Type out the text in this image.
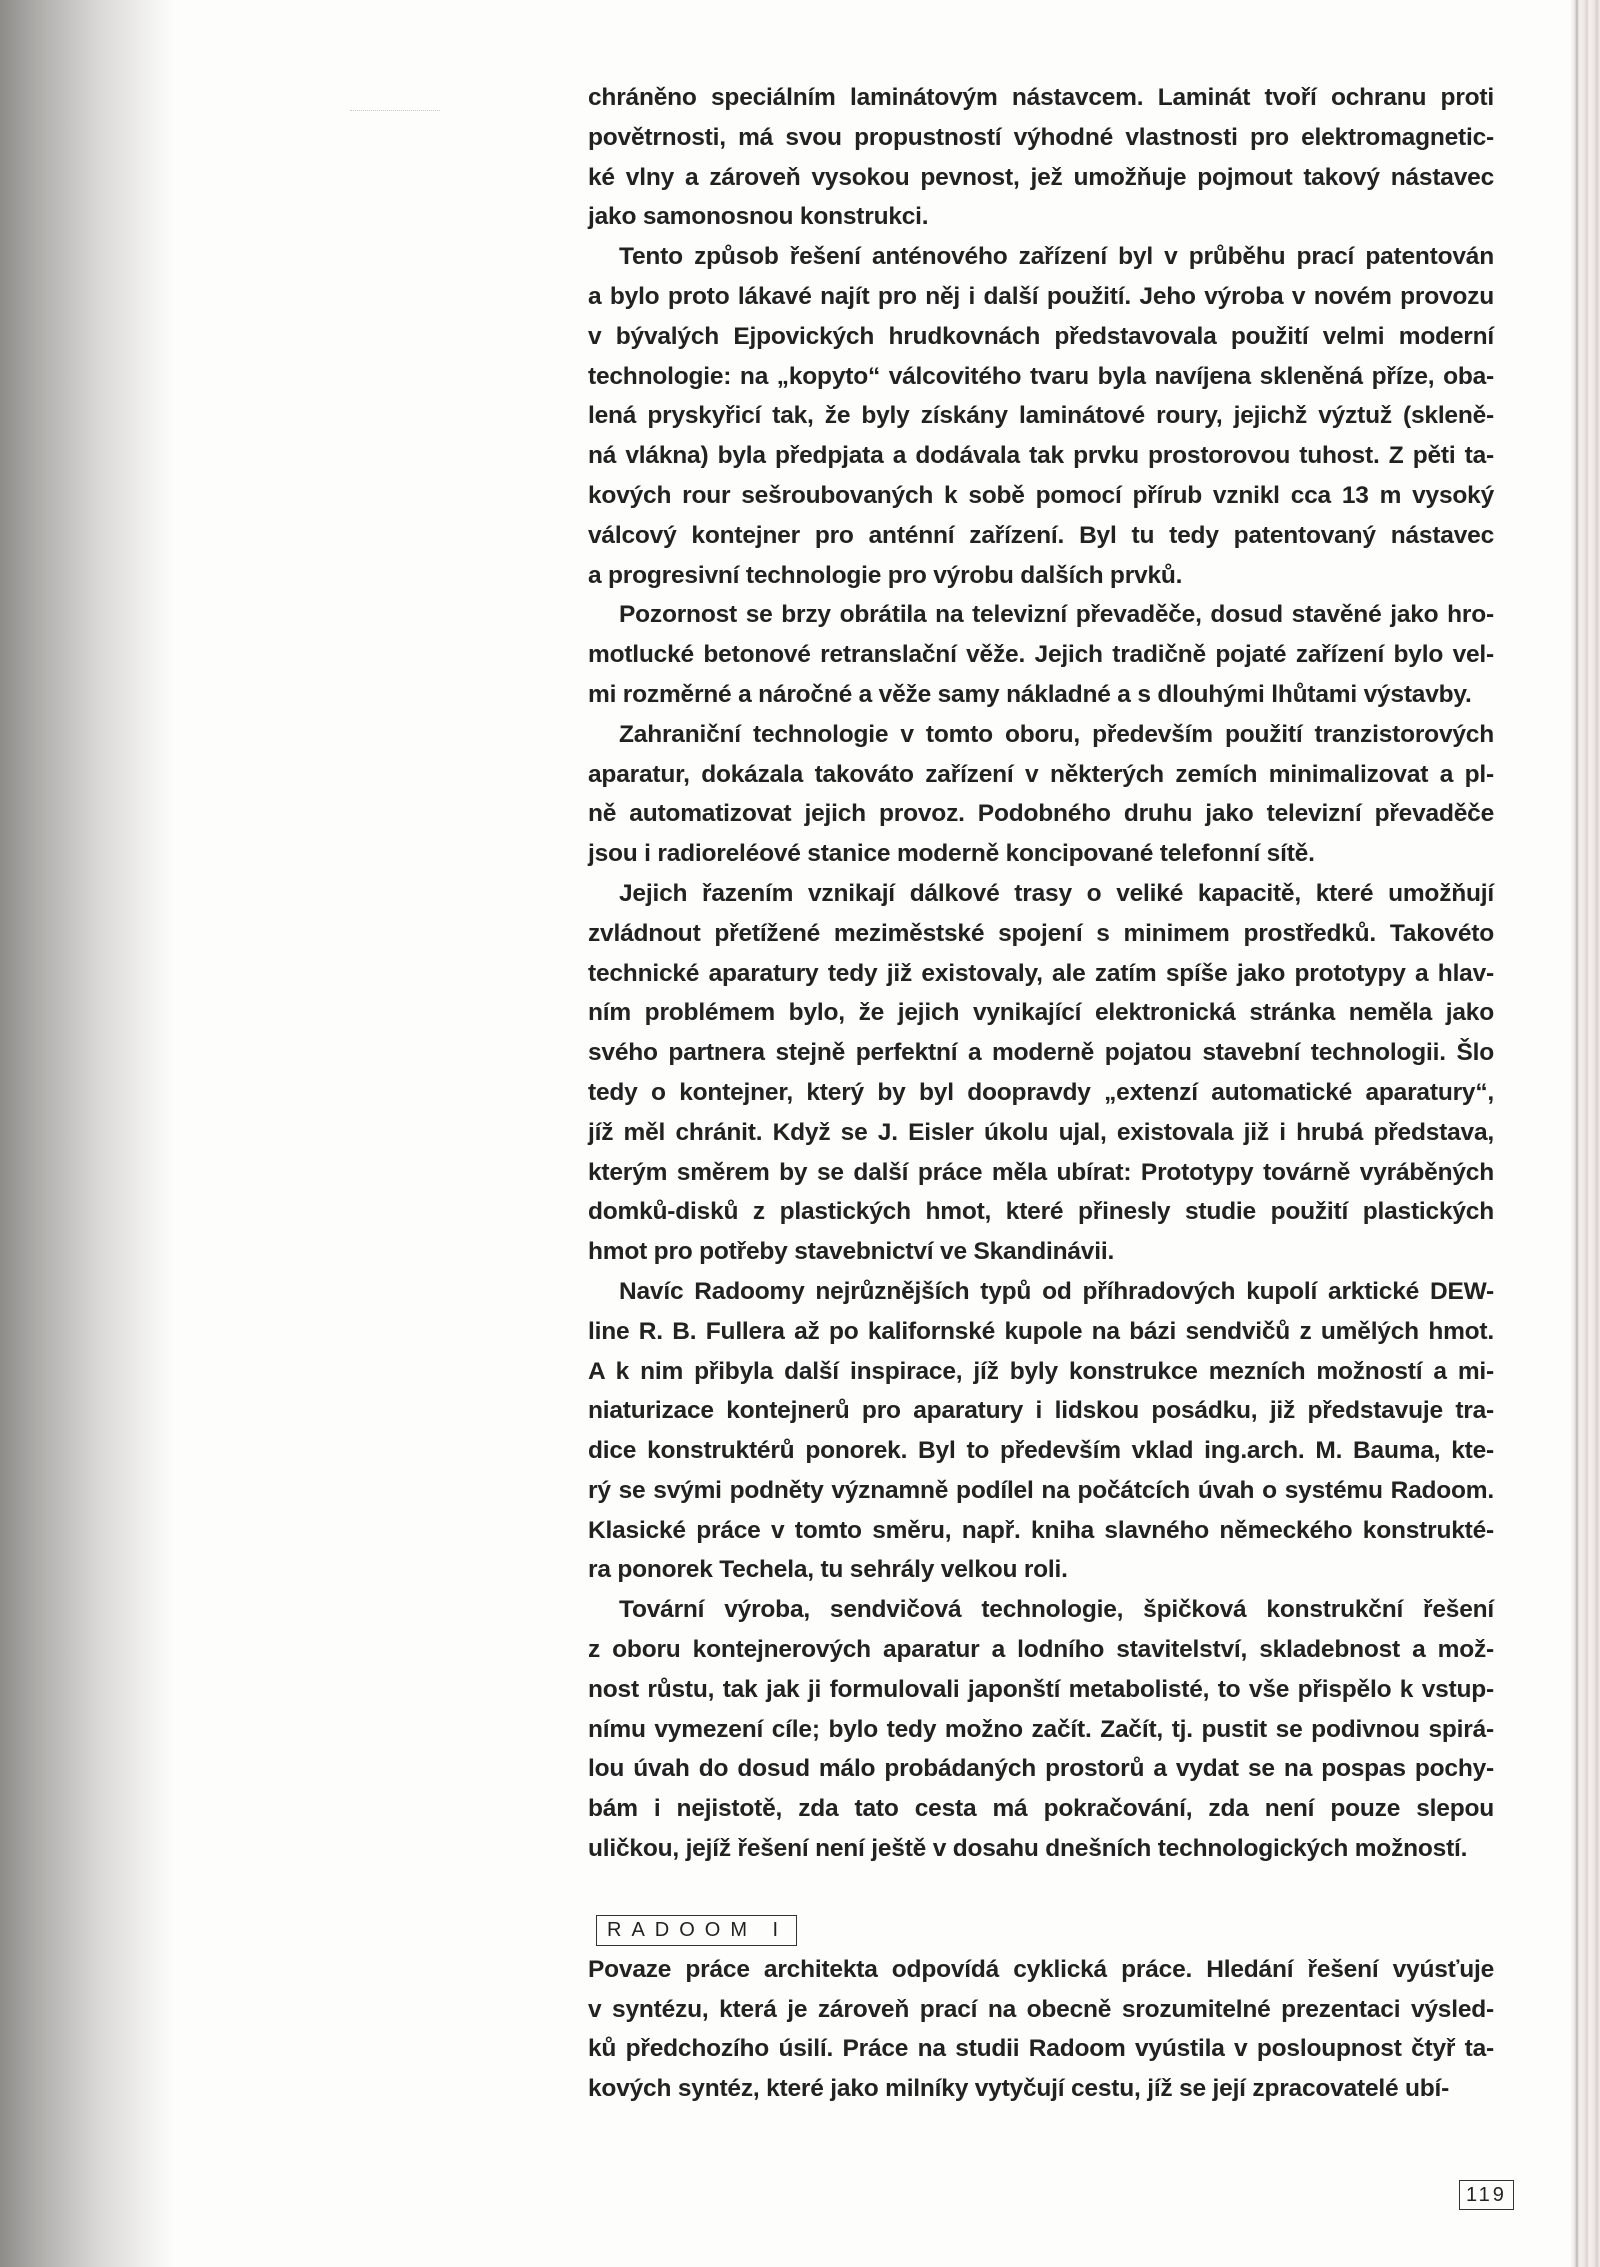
chráněno speciálním laminátovým nástavcem. Laminát tvoří ochranu proti
povětrnosti, má svou propustností výhodné vlastnosti pro elektromagnetic-
ké vlny a zároveň vysokou pevnost, jež umožňuje pojmout takový nástavec
jako samonosnou konstrukci.
Tento způsob řešení anténového zařízení byl v průběhu prací patentován
a bylo proto lákavé najít pro něj i další použití. Jeho výroba v novém provozu
v bývalých Ejpovických hrudkovnách představovala použití velmi moderní
technologie: na „kopyto“ válcovitého tvaru byla navíjena skleněná příze, oba-
lená pryskyřicí tak, že byly získány laminátové roury, jejichž výztuž (skleně-
ná vlákna) byla předpjata a dodávala tak prvku prostorovou tuhost. Z pěti ta-
kových rour sešroubovaných k sobě pomocí přírub vznikl cca 13 m vysoký
válcový kontejner pro anténní zařízení. Byl tu tedy patentovaný nástavec
a progresivní technologie pro výrobu dalších prvků.
Pozornost se brzy obrátila na televizní převaděče, dosud stavěné jako hro-
motlucké betonové retranslační věže. Jejich tradičně pojaté zařízení bylo vel-
mi rozměrné a náročné a věže samy nákladné a s dlouhými lhůtami výstavby.
Zahraniční technologie v tomto oboru, především použití tranzistorových
aparatur, dokázala takováto zařízení v některých zemích minimalizovat a pl-
ně automatizovat jejich provoz. Podobného druhu jako televizní převaděče
jsou i radioreléové stanice moderně koncipované telefonní sítě.
Jejich řazením vznikají dálkové trasy o veliké kapacitě, které umožňují
zvládnout přetížené meziměstské spojení s minimem prostředků. Takovéto
technické aparatury tedy již existovaly, ale zatím spíše jako prototypy a hlav-
ním problémem bylo, že jejich vynikající elektronická stránka neměla jako
svého partnera stejně perfektní a moderně pojatou stavební technologii. Šlo
tedy o kontejner, který by byl doopravdy „extenzí automatické aparatury“,
jíž měl chránit. Když se J. Eisler úkolu ujal, existovala již i hrubá představa,
kterým směrem by se další práce měla ubírat: Prototypy továrně vyráběných
domků-disků z plastických hmot, které přinesly studie použití plastických
hmot pro potřeby stavebnictví ve Skandinávii.
Navíc Radoomy nejrůznějších typů od příhradových kupolí arktické DEW-
line R. B. Fullera až po kalifornské kupole na bázi sendvičů z umělých hmot.
A k nim přibyla další inspirace, jíž byly konstrukce mezních možností a mi-
niaturizace kontejnerů pro aparatury i lidskou posádku, již představuje tra-
dice konstruktérů ponorek. Byl to především vklad ing.arch. M. Bauma, kte-
rý se svými podněty významně podílel na počátcích úvah o systému Radoom.
Klasické práce v tomto směru, např. kniha slavného německého konstrukté-
ra ponorek Techela, tu sehrály velkou roli.
Tovární výroba, sendvičová technologie, špičková konstrukční řešení
z oboru kontejnerových aparatur a lodního stavitelství, skladebnost a mož-
nost růstu, tak jak ji formulovali japonští metabolisté, to vše přispělo k vstup-
nímu vymezení cíle; bylo tedy možno začít. Začít, tj. pustit se podivnou spirá-
lou úvah do dosud málo probádaných prostorů a vydat se na pospas pochy-
bám i nejistotě, zda tato cesta má pokračování, zda není pouze slepou
uličkou, jejíž řešení není ještě v dosahu dnešních technologických možností.
RADOOM I
Povaze práce architekta odpovídá cyklická práce. Hledání řešení vyúsťuje
v syntézu, která je zároveň prací na obecně srozumitelné prezentaci výsled-
ků předchozího úsilí. Práce na studii Radoom vyústila v posloupnost čtyř ta-
kových syntéz, které jako milníky vytyčují cestu, jíž se její zpracovatelé ubí-
119
